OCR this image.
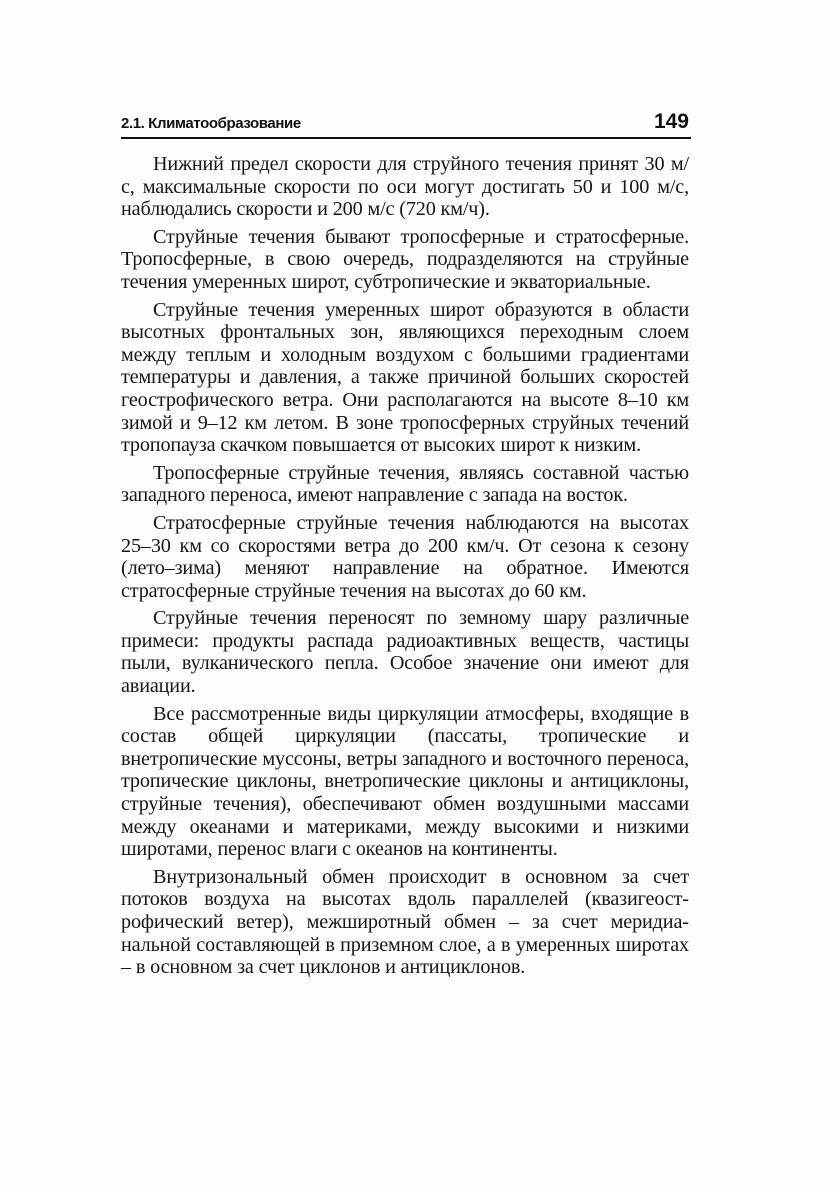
2.1. Климатообразование	149

Нижний предел скорости для струйного течения принят 30 м/с, максимальные скорости по оси могут достигать 50 и 100 м/с, наблюдались скорости и 200 м/с (720 км/ч).

Струйные течения бывают тропосферные и стратосферные. Тропосферные, в свою очередь, подразделяются на струйные течения умеренных широт, субтропические и экваториальные.

Струйные течения умеренных широт образуются в области высотных фронтальных зон, являющихся переходным слоем между теплым и холодным воздухом с большими градиентами температуры и давления, а также причиной больших скоростей геострофического ветра. Они располагаются на высоте 8–10 км зимой и 9–12 км летом. В зоне тропосферных струйных течений тропопауза скачком повышается от высоких широт к низким.

Тропосферные струйные течения, являясь составной частью западного переноса, имеют направление с запада на восток.

Стратосферные струйные течения наблюдаются на высотах 25–30 км со скоростями ветра до 200 км/ч. От сезона к сезону (лето–зима) меняют направление на обратное. Имеются стратосферные струйные течения на высотах до 60 км.

Струйные течения переносят по земному шару различные примеси: продукты распада радиоактивных веществ, частицы пыли, вулканического пепла. Особое значение они имеют для авиации.

Все рассмотренные виды циркуляции атмосферы, входящие в состав общей циркуляции (пассаты, тропические и внетропические муссоны, ветры западного и восточного переноса, тропические циклоны, внетропические циклоны и антициклоны, струйные течения), обеспечивают обмен воздушными массами между океанами и материками, между высокими и низкими широтами, перенос влаги с океанов на континенты.

Внутризональный обмен происходит в основном за счет потоков воздуха на высотах вдоль параллелей (квазигеострофический ветер), межширотный обмен – за счет меридианальной составляющей в приземном слое, а в умеренных широтах – в основном за счет циклонов и антициклонов.
